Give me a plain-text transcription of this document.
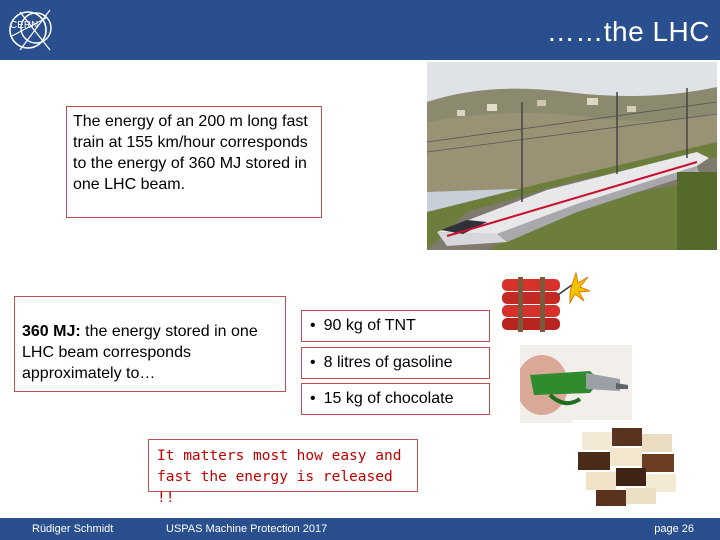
CERN	……the LHC
The energy of an 200 m long fast train at 155 km/hour corresponds to the energy of 360 MJ stored in one LHC beam.
360 MJ: the energy stored in one LHC beam corresponds approximately to…
• 90 kg of TNT
• 8 litres of gasoline
• 15 kg of chocolate
It matters most how easy and fast the energy is released !!
Rüdiger Schmidt	USPAS Machine Protection 2017	page 26
